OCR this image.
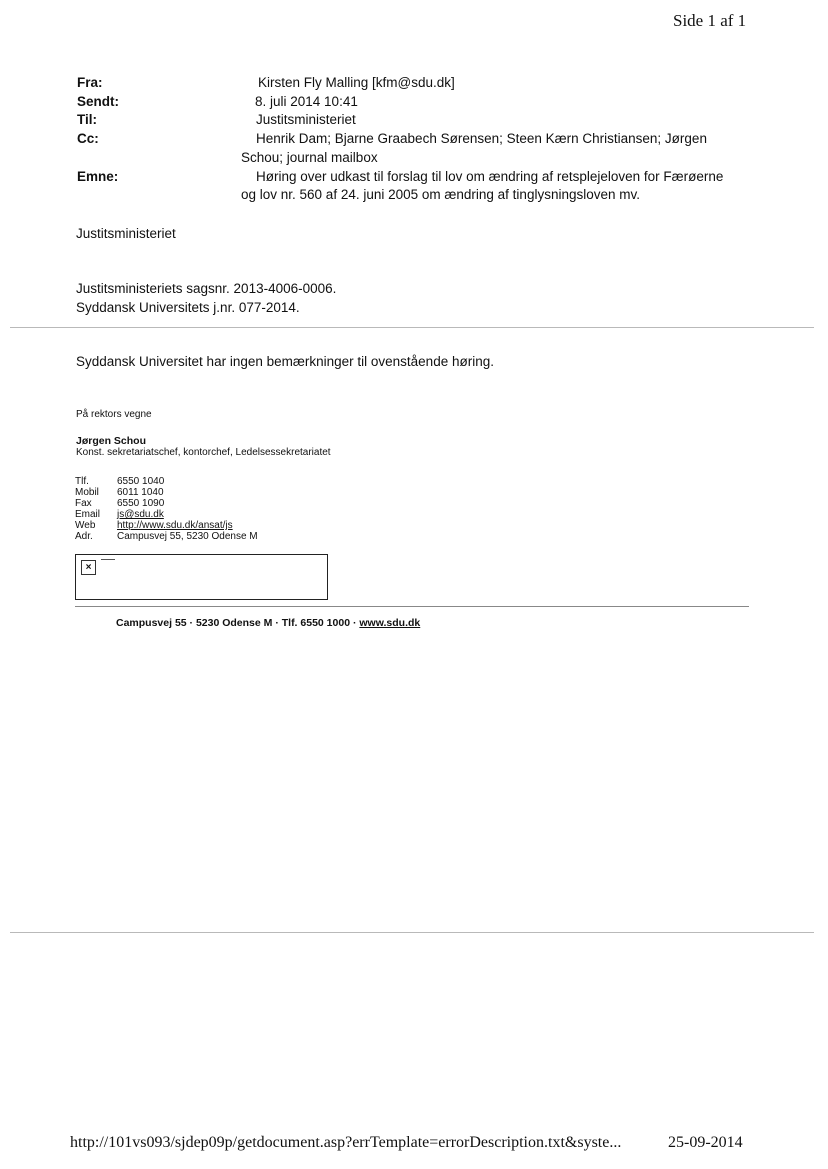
Side 1 af 1
Fra:	Kirsten Fly Malling [kfm@sdu.dk]
Sendt:	8. juli 2014 10:41
Til:	Justitsministeriet
Cc:	Henrik Dam; Bjarne Graabech Sørensen; Steen Kærn Christiansen; Jørgen
Schou; journal mailbox
Emne:	Høring over udkast til forslag til lov om ændring af retsplejeloven for Færøerne
og lov nr. 560 af 24. juni 2005 om ændring af tinglysningsloven mv.
Justitsministeriet
Justitsministeriets sagsnr. 2013-4006-0006.
Syddansk Universitets j.nr. 077-2014.
Syddansk Universitet har ingen bemærkninger til ovenstående høring.
På rektors vegne
Jørgen Schou
Konst. sekretariatschef, kontorchef, Ledelsessekretariatet
Tlf.	6550 1040
Mobil 6011 1040
Fax	6550 1090
Email js@sdu.dk
Web http://www.sdu.dk/ansat/js
Adr. Campusvej 55, 5230 Odense M
×
Campusvej 55 · 5230 Odense M · Tlf. 6550 1000 · www.sdu.dk
http://101vs093/sjdep09p/getdocument.asp?errTemplate=errorDescription.txt&syste...	25-09-2014
